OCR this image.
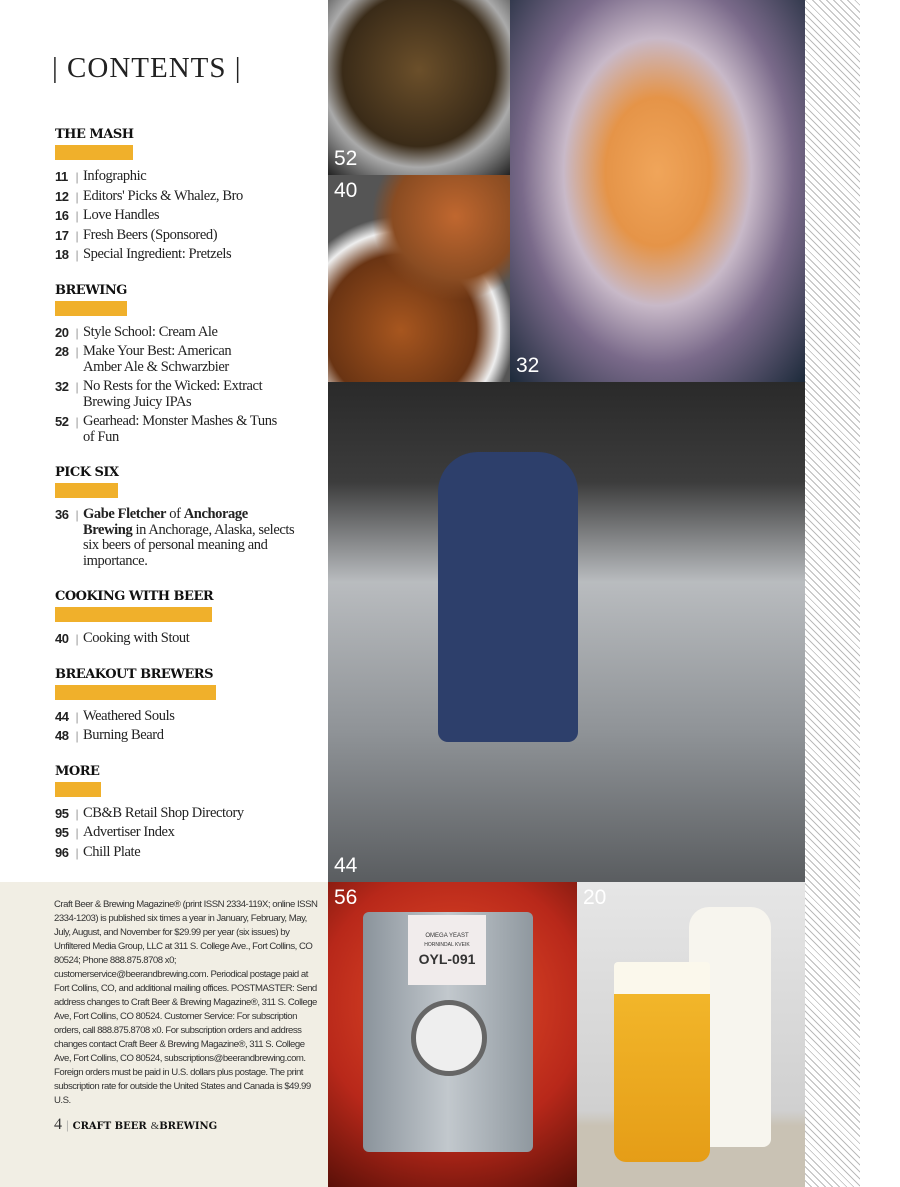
| CONTENTS |
THE MASH
11 | Infographic
12 | Editors' Picks & Whalez, Bro
16 | Love Handles
17 | Fresh Beers (Sponsored)
18 | Special Ingredient: Pretzels
BREWING
20 | Style School: Cream Ale
28 | Make Your Best: American Amber Ale & Schwarzbier
32 | No Rests for the Wicked: Extract Brewing Juicy IPAs
52 | Gearhead: Monster Mashes & Tuns of Fun
PICK SIX
36 | Gabe Fletcher of Anchorage Brewing in Anchorage, Alaska, selects six beers of personal meaning and importance.
COOKING WITH BEER
40 | Cooking with Stout
BREAKOUT BREWERS
44 | Weathered Souls
48 | Burning Beard
MORE
95 | CB&B Retail Shop Directory
95 | Advertiser Index
96 | Chill Plate

Craft Beer & Brewing Magazine® (print ISSN 2334-119X; online ISSN 2334-1203) is published six times a year in January, February, May, July, August, and November for $29.99 per year (six issues) by Unfiltered Media Group, LLC at 311 S. College Ave., Fort Collins, CO 80524; Phone 888.875.8708 x0; customerservice@beerandbrewing.com. Periodical postage paid at Fort Collins, CO, and additional mailing offices. POSTMASTER: Send address changes to Craft Beer & Brewing Magazine®, 311 S. College Ave, Fort Collins, CO 80524. Customer Service: For subscription orders, call 888.875.8708 x0. For subscription orders and address changes contact Craft Beer & Brewing Magazine®, 311 S. College Ave, Fort Collins, CO 80524, subscriptions@beerandbrewing.com. Foreign orders must be paid in U.S. dollars plus postage. The print subscription rate for outside the United States and Canada is $49.99 U.S.

4 | CRAFT BEER &BREWING
52
40
32
44
OMEGA YEAST
HORNINDAL KVEIK
OYL-091
56	20
